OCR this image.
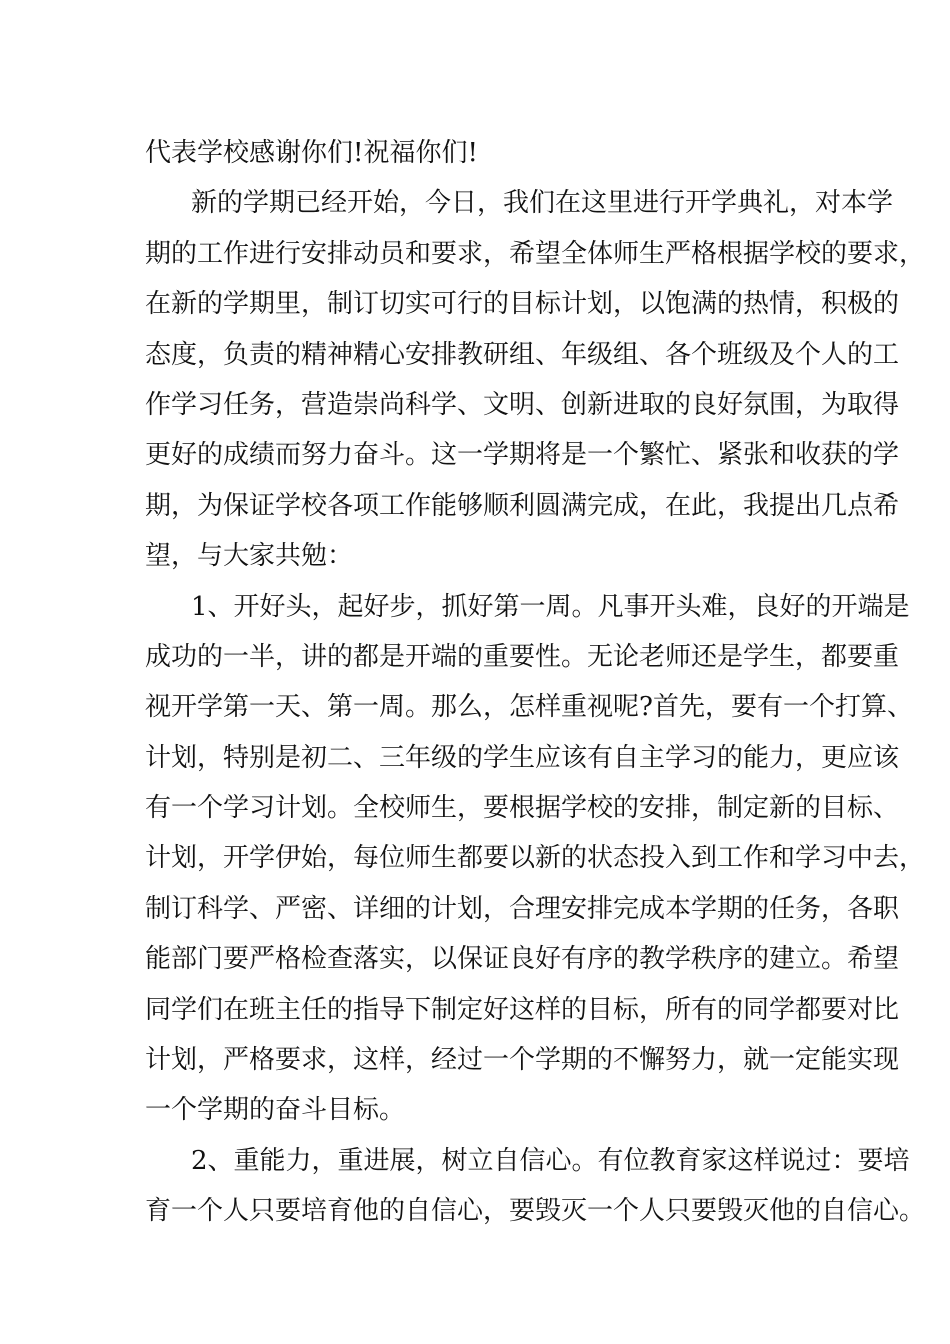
代表学校感谢你们!祝福你们!
新的学期已经开始，今日，我们在这里进行开学典礼，对本学
期的工作进行安排动员和要求，希望全体师生严格根据学校的要求，
在新的学期里，制订切实可行的目标计划，以饱满的热情，积极的
态度，负责的精神精心安排教研组、年级组、各个班级及个人的工
作学习任务，营造崇尚科学、文明、创新进取的良好氛围，为取得
更好的成绩而努力奋斗。这一学期将是一个繁忙、紧张和收获的学
期，为保证学校各项工作能够顺利圆满完成，在此，我提出几点希
望，与大家共勉：
1、开好头，起好步，抓好第一周。凡事开头难，良好的开端是
成功的一半，讲的都是开端的重要性。无论老师还是学生，都要重
视开学第一天、第一周。那么，怎样重视呢?首先，要有一个打算、
计划，特别是初二、三年级的学生应该有自主学习的能力，更应该
有一个学习计划。全校师生，要根据学校的安排，制定新的目标、
计划，开学伊始，每位师生都要以新的状态投入到工作和学习中去，
制订科学、严密、详细的计划，合理安排完成本学期的任务，各职
能部门要严格检查落实，以保证良好有序的教学秩序的建立。希望
同学们在班主任的指导下制定好这样的目标，所有的同学都要对比
计划，严格要求，这样，经过一个学期的不懈努力，就一定能实现
一个学期的奋斗目标。
2、重能力，重进展，树立自信心。有位教育家这样说过：要培
育一个人只要培育他的自信心，要毁灭一个人只要毁灭他的自信心。
